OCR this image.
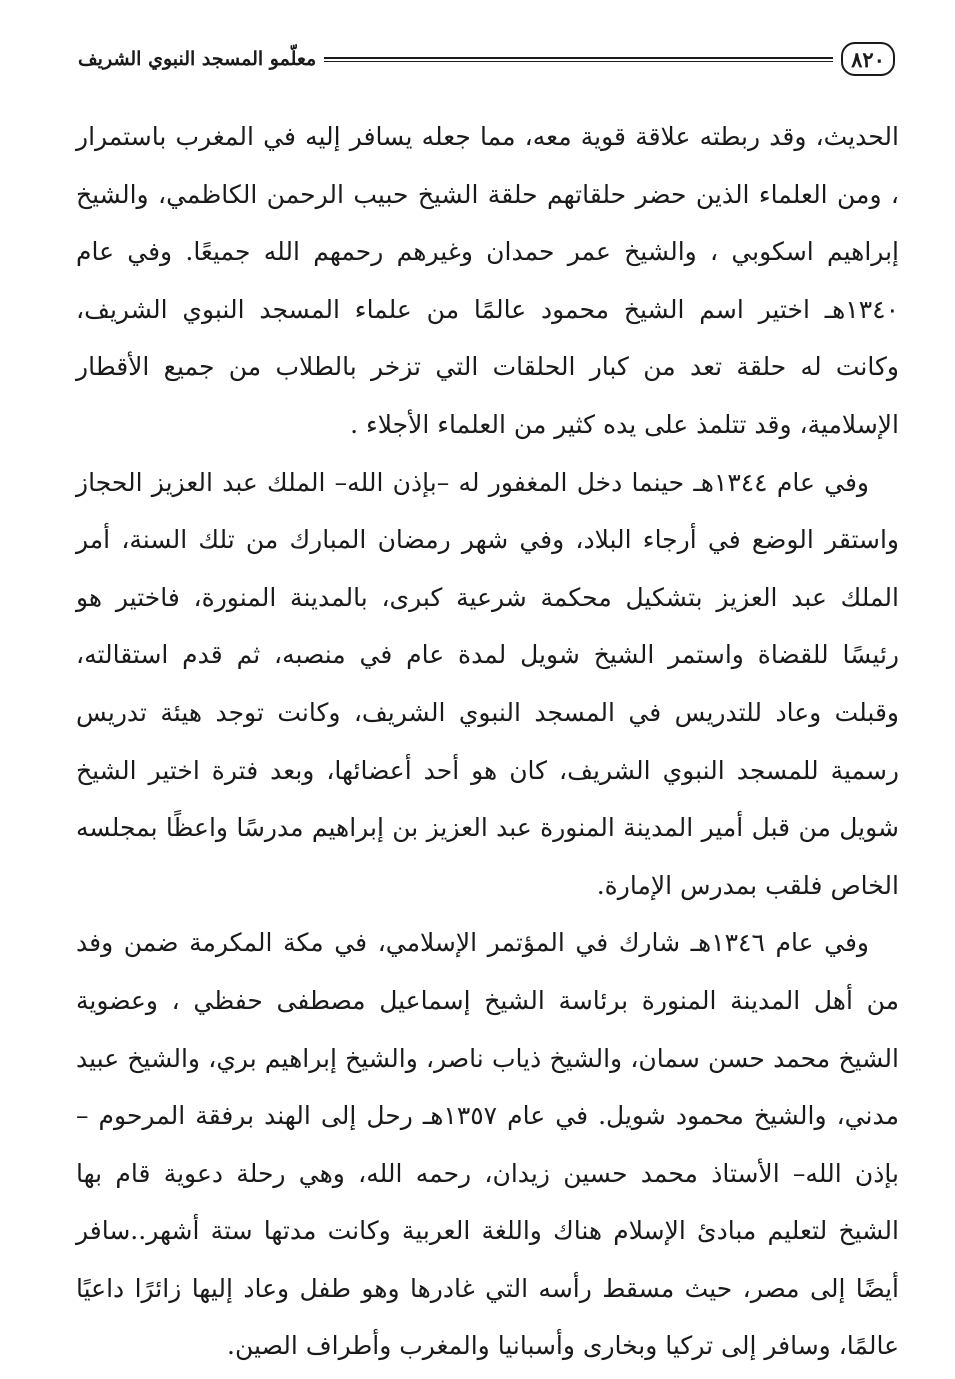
٨٢٠
معلّمو المسجد النبوي الشريف

الحديث، وقد ربطته علاقة قوية معه، مما جعله يسافر إليه في المغرب باستمرار ، ومن العلماء الذين حضر حلقاتهم حلقة الشيخ حبيب الرحمن الكاظمي، والشيخ إبراهيم اسكوبي ، والشيخ عمر حمدان وغيرهم رحمهم الله جميعًا. وفي عام ١٣٤٠هـ اختير اسم الشيخ محمود عالمًا من علماء المسجد النبوي الشريف، وكانت له حلقة تعد من كبار الحلقات التي تزخر بالطلاب من جميع الأقطار الإسلامية، وقد تتلمذ على يده كثير من العلماء الأجلاء .

وفي عام ١٣٤٤هـ حينما دخل المغفور له –بإذن الله– الملك عبد العزيز الحجاز واستقر الوضع في أرجاء البلاد، وفي شهر رمضان المبارك من تلك السنة، أمر الملك عبد العزيز بتشكيل محكمة شرعية كبرى، بالمدينة المنورة، فاختير هو رئيسًا للقضاة واستمر الشيخ شويل لمدة عام في منصبه، ثم قدم استقالته، وقبلت وعاد للتدريس في المسجد النبوي الشريف، وكانت توجد هيئة تدريس رسمية للمسجد النبوي الشريف، كان هو أحد أعضائها، وبعد فترة اختير الشيخ شويل من قبل أمير المدينة المنورة عبد العزيز بن إبراهيم مدرسًا واعظًا بمجلسه الخاص فلقب بمدرس الإمارة.

وفي عام ١٣٤٦هـ شارك في المؤتمر الإسلامي، في مكة المكرمة ضمن وفد من أهل المدينة المنورة برئاسة الشيخ إسماعيل مصطفى حفظي ، وعضوية الشيخ محمد حسن سمان، والشيخ ذياب ناصر، والشيخ إبراهيم بري، والشيخ عبيد مدني، والشيخ محمود شويل. في عام ١٣٥٧هـ رحل إلى الهند برفقة المرحوم –بإذن الله– الأستاذ محمد حسين زيدان، رحمه الله، وهي رحلة دعوية قام بها الشيخ لتعليم مبادئ الإسلام هناك واللغة العربية وكانت مدتها ستة أشهر..سافر أيضًا إلى مصر، حيث مسقط رأسه التي غادرها وهو طفل وعاد إليها زائرًا داعيًا عالمًا، وسافر إلى تركيا وبخارى وأسبانيا والمغرب وأطراف الصين.
